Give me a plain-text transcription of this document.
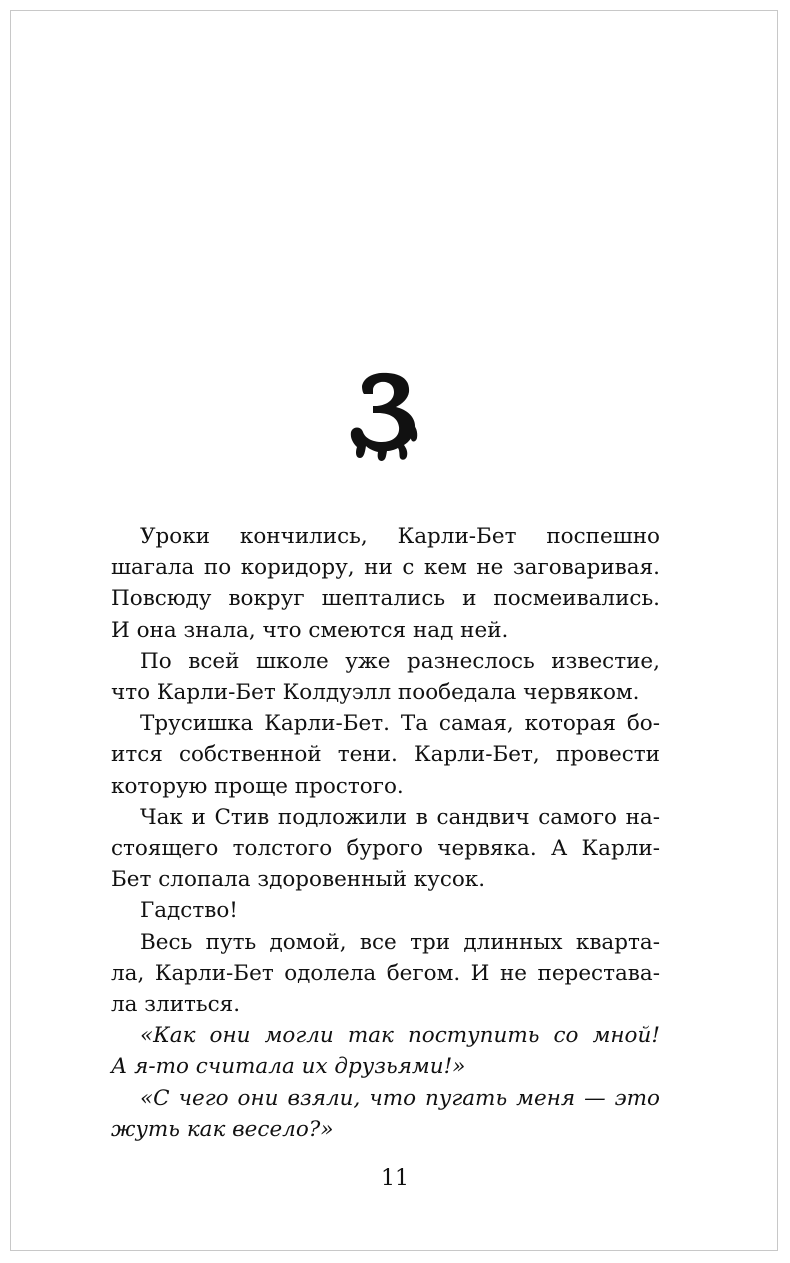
Уроки кончились, Карли-Бет поспешно
шагала по коридору, ни с кем не заговаривая.
Повсюду вокруг шептались и посмеивались.
И она знала, что смеются над ней.

По всей школе уже разнеслось известие,
что Карли-Бет Колдуэлл пообедала червяком.

Трусишка Карли-Бет. Та самая, которая бо-
ится собственной тени. Карли-Бет, провести
которую проще простого.

Чак и Стив подложили в сандвич самого на-
стоящего толстого бурого червяка. А Карли-
Бет слопала здоровенный кусок.

Гадство!

Весь путь домой, все три длинных кварта-
ла, Карли-Бет одолела бегом. И не перестава-
ла злиться.

«Как они могли так поступить со мной!
А я-то считала их друзьями!»

«С чего они взяли, что пугать меня — это
жуть как весело?»

11
